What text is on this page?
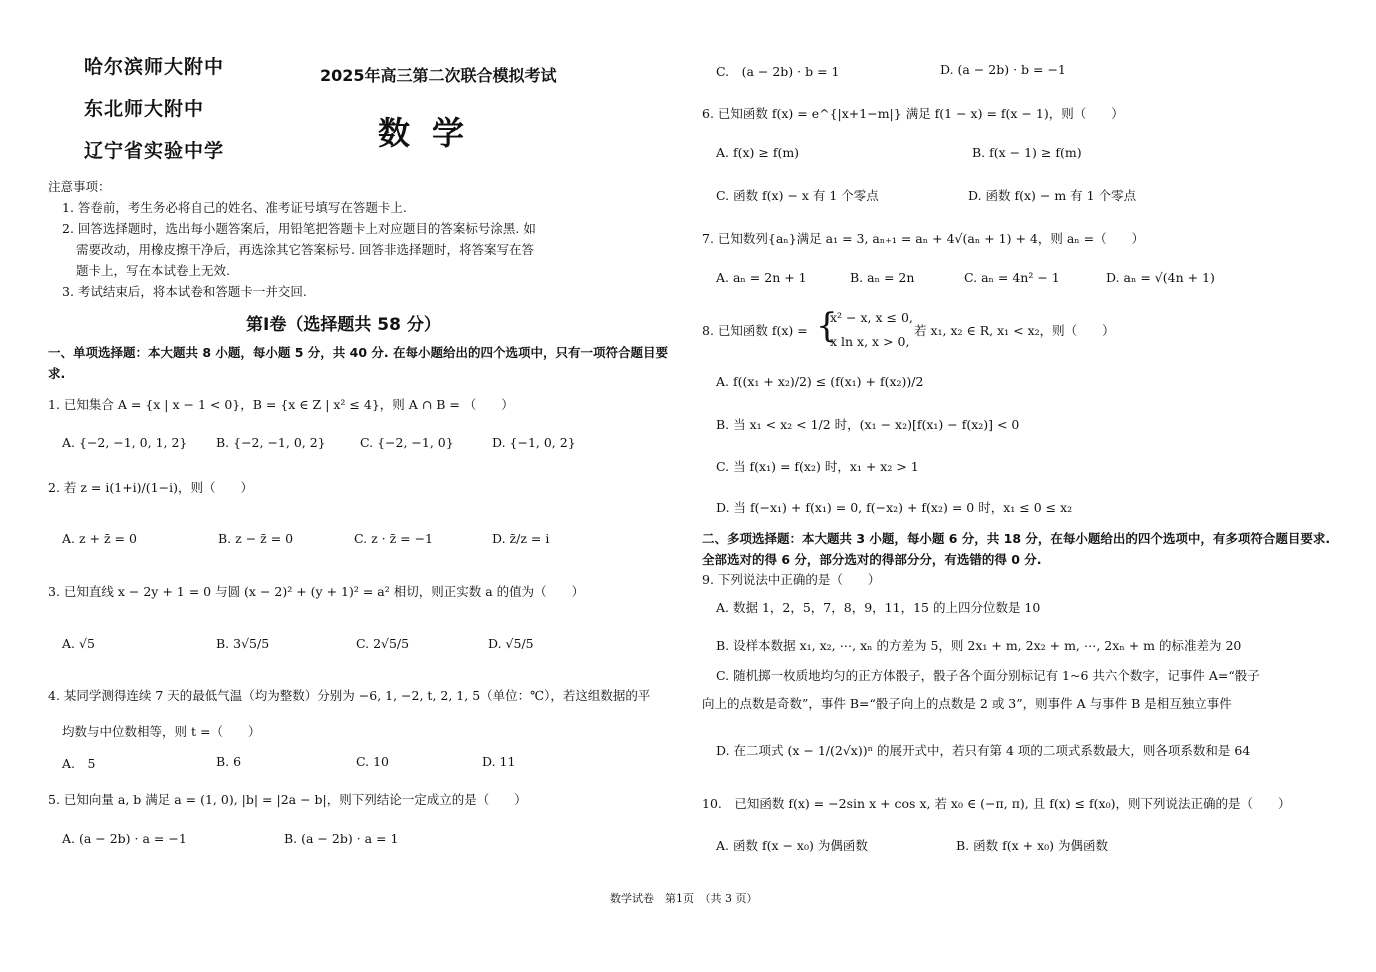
哈尔滨师大附中
东北师大附中
辽宁省实验中学
2025年高三第二次联合模拟考试
数学
注意事项：
1. 答卷前，考生务必将自己的姓名、准考证号填写在答题卡上.
2. 回答选择题时，选出每小题答案后，用铅笔把答题卡上对应题目的答案标号涂黑. 如
需要改动，用橡皮擦干净后，再选涂其它答案标号. 回答非选择题时，将答案写在答
题卡上，写在本试卷上无效.
3. 考试结束后，将本试卷和答题卡一并交回.
第Ⅰ卷（选择题共 58 分）
一、单项选择题：本大题共 8 小题，每小题 5 分，共 40 分. 在每小题给出的四个选项中，只有一项符合题目要求.
1. 已知集合 A = {x | x − 1 < 0}，B = {x ∈ Z | x² ≤ 4}，则 A ∩ B = （　　）
A. {−2, −1, 0, 1, 2} B. {−2, −1, 0, 2}	C. {−2, −1, 0}	D. {−1, 0, 2}
2. 若 z = i(1+i)/(1−i)，则（　　）
A. z + z̄ = 0	B. z − z̄ = 0	C. z · z̄ = −1	D. z̄/z = i
3. 已知直线 x − 2y + 1 = 0 与圆 (x − 2)² + (y + 1)² = a² 相切，则正实数 a 的值为（　　）
A. √5	B. 3√5/5	C. 2√5/5	D. √5/5
4. 某同学测得连续 7 天的最低气温（均为整数）分别为 −6, 1, −2, t, 2, 1, 5（单位：℃），若这组数据的平
均数与中位数相等，则 t =（　　）
A.　5	B. 6	C. 10	D. 11
5. 已知向量 a, b 满足 a = (1, 0), |b| = |2a − b|，则下列结论一定成立的是（　　）
A. (a − 2b) · a = −1	B. (a − 2b) · a = 1
C.　(a − 2b) · b = 1	D. (a − 2b) · b = −1
6. 已知函数 f(x) = e^{|x+1−m|} 满足 f(1 − x) = f(x − 1)，则（　　）
A. f(x) ≥ f(m)	B. f(x − 1) ≥ f(m)
C. 函数 f(x) − x 有 1 个零点	D. 函数 f(x) − m 有 1 个零点
7. 已知数列{aₙ}满足 a₁ = 3, aₙ₊₁ = aₙ + 4√(aₙ + 1) + 4，则 aₙ =（　　）
A. aₙ = 2n + 1	B. aₙ = 2n	C. aₙ = 4n² − 1	D. aₙ = √(4n + 1)
8. 已知函数 f(x) = {
x² − x, x ≤ 0,
x ln x, x > 0,
若 x₁, x₂ ∈ R, x₁ < x₂，则（　　）
A. f((x₁ + x₂)/2) ≤ (f(x₁) + f(x₂))/2
B. 当 x₁ < x₂ < 1/2 时，(x₁ − x₂)[f(x₁) − f(x₂)] < 0
C. 当 f(x₁) = f(x₂) 时，x₁ + x₂ > 1
D. 当 f(−x₁) + f(x₁) = 0, f(−x₂) + f(x₂) = 0 时，x₁ ≤ 0 ≤ x₂
二、多项选择题：本大题共 3 小题，每小题 6 分，共 18 分，在每小题给出的四个选项中，有多项符合题目要求. 全部选对的得 6 分，部分选对的得部分分，有选错的得 0 分.
9. 下列说法中正确的是（　　）
A. 数据 1，2，5，7，8，9，11，15 的上四分位数是 10
B. 设样本数据 x₁, x₂, ⋯, xₙ 的方差为 5，则 2x₁ + m, 2x₂ + m, ⋯, 2xₙ + m 的标准差为 20
C. 随机掷一枚质地均匀的正方体骰子，骰子各个面分别标记有 1~6 共六个数字，记事件 A=“骰子
向上的点数是奇数”，事件 B=“骰子向上的点数是 2 或 3”，则事件 A 与事件 B 是相互独立事件
D. 在二项式 (x − 1/(2√x))ⁿ 的展开式中，若只有第 4 项的二项式系数最大，则各项系数和是 64
10.　已知函数 f(x) = −2sin x + cos x, 若 x₀ ∈ (−π, π), 且 f(x) ≤ f(x₀)，则下列说法正确的是（　　）
A. 函数 f(x − x₀) 为偶函数	B. 函数 f(x + x₀) 为偶函数
数学试卷　第1页　（共 3 页）
